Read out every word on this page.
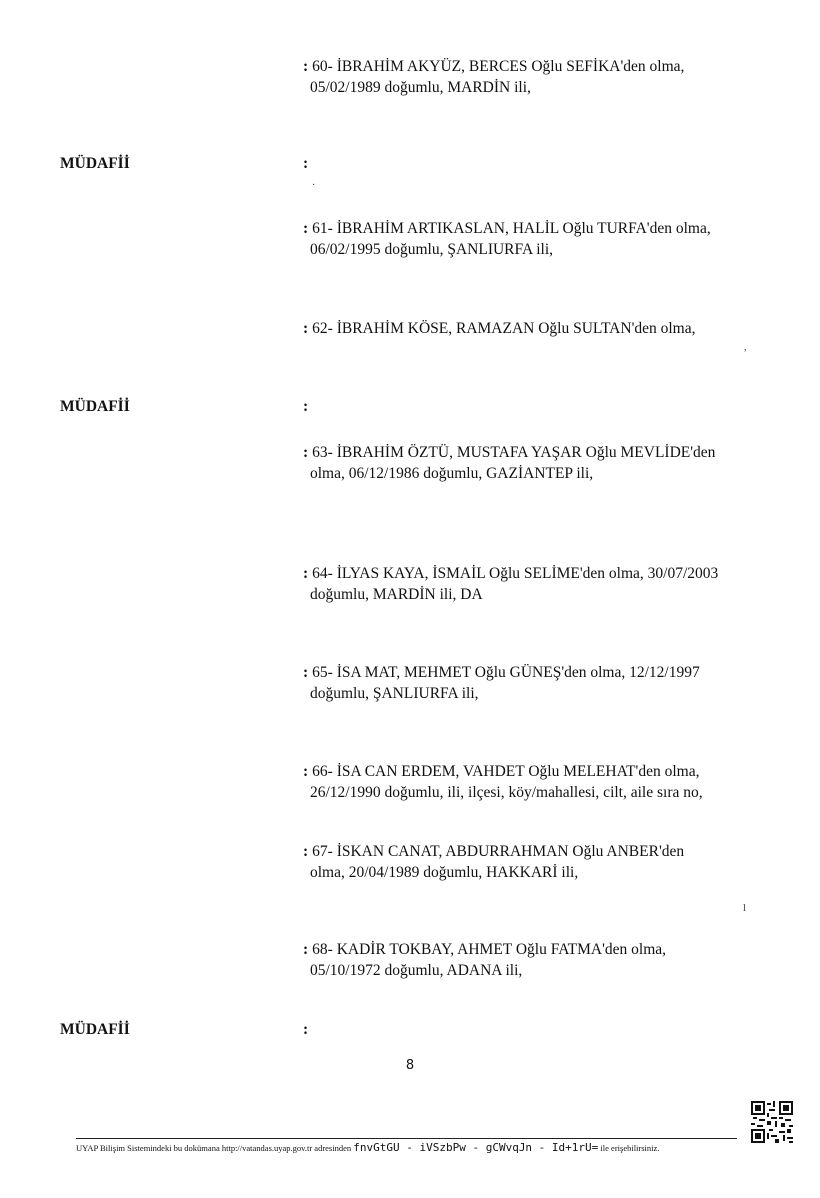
: 60- İBRAHİM AKYÜZ, BERCES Oğlu SEFİKA'den olma,
05/02/1989 doğumlu, MARDİN ili,
MÜDAFİİ	:
: 61- İBRAHİM ARTIKASLAN, HALİL Oğlu TURFA'den olma,
06/02/1995 doğumlu, ŞANLIURFA ili,
: 62- İBRAHİM KÖSE, RAMAZAN Oğlu SULTAN'den olma,
MÜDAFİİ	:
: 63- İBRAHİM ÖZTÜ, MUSTAFA YAŞAR Oğlu MEVLİDE'den
olma, 06/12/1986 doğumlu, GAZİANTEP ili,
: 64- İLYAS KAYA, İSMAİL Oğlu SELİME'den olma, 30/07/2003
doğumlu, MARDİN ili, DA
: 65- İSA MAT, MEHMET Oğlu GÜNEŞ'den olma, 12/12/1997
doğumlu, ŞANLIURFA ili,
: 66- İSA CAN ERDEM, VAHDET Oğlu MELEHAT'den olma,
26/12/1990 doğumlu, ili, ilçesi, köy/mahallesi, cilt, aile sıra no,
: 67- İSKAN CANAT, ABDURRAHMAN Oğlu ANBER'den
olma, 20/04/1989 doğumlu, HAKKARİ ili,
: 68- KADİR TOKBAY, AHMET Oğlu FATMA'den olma,
05/10/1972 doğumlu, ADANA ili,
MÜDAFİİ	:
·
,
l
8
UYAP Bilişim Sistemindeki bu dokümana http://vatandas.uyap.gov.tr adresinden fnvGtGU - iVSzbPw - gCWvqJn - Id+1rU= ile erişebilirsiniz.
